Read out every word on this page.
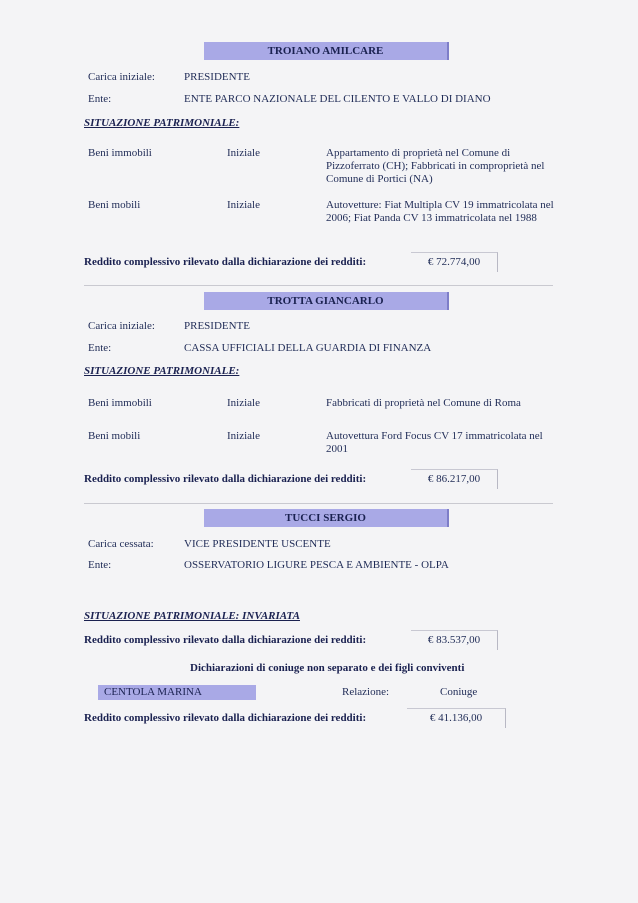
TROIANO AMILCARE
Carica iniziale:	PRESIDENTE
Ente:	ENTE PARCO NAZIONALE DEL CILENTO E VALLO DI DIANO
SITUAZIONE PATRIMONIALE:
Beni immobili	Iniziale	Appartamento di proprietà nel Comune di Pizzoferrato (CH); Fabbricati in comproprietà nel Comune di Portici (NA)
Beni mobili	Iniziale	Autovetture: Fiat Multipla CV 19 immatricolata nel 2006; Fiat Panda CV 13 immatricolata nel 1988
Reddito complessivo rilevato dalla dichiarazione dei redditi:	€ 72.774,00
TROTTA GIANCARLO
Carica iniziale:	PRESIDENTE
Ente:	CASSA UFFICIALI DELLA GUARDIA DI FINANZA
SITUAZIONE PATRIMONIALE:
Beni immobili	Iniziale	Fabbricati di proprietà nel Comune di Roma
Beni mobili	Iniziale	Autovettura Ford Focus CV 17 immatricolata nel 2001
Reddito complessivo rilevato dalla dichiarazione dei redditi:	€ 86.217,00
TUCCI SERGIO
Carica cessata:	VICE PRESIDENTE USCENTE
Ente:	OSSERVATORIO LIGURE PESCA E AMBIENTE - OLPA
SITUAZIONE PATRIMONIALE: INVARIATA
Reddito complessivo rilevato dalla dichiarazione dei redditi:	€ 83.537,00
Dichiarazioni di coniuge non separato e dei figli conviventi
CENTOLA MARINA	Relazione:	Coniuge
Reddito complessivo rilevato dalla dichiarazione dei redditi:	€ 41.136,00
